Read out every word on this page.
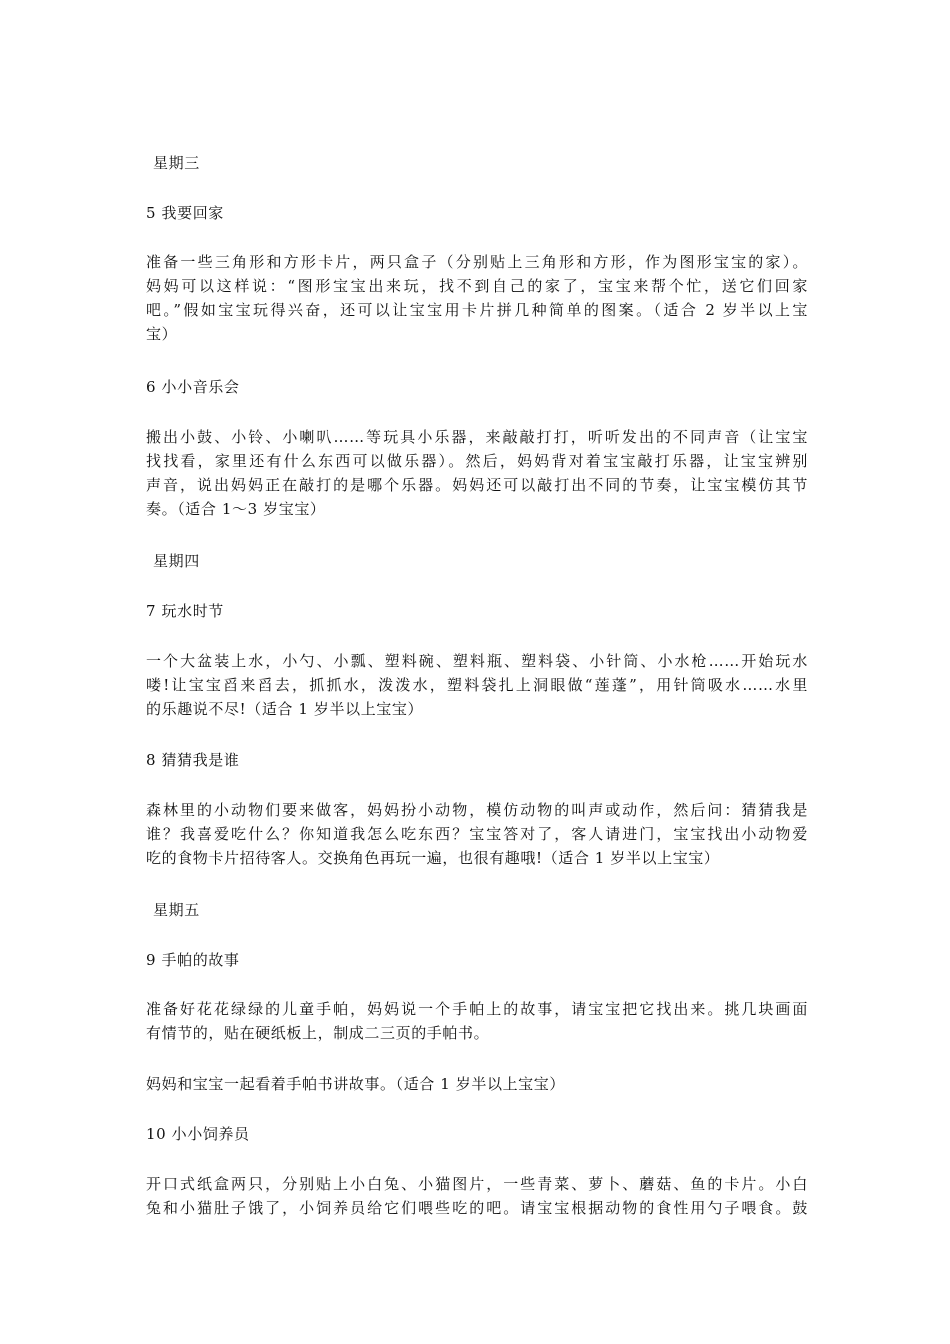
星期三
5 我要回家
准备一些三角形和方形卡片，两只盒子（分别贴上三角形和方形，作为图形宝宝的家）。
妈妈可以这样说：“图形宝宝出来玩，找不到自己的家了，宝宝来帮个忙，送它们回家
吧。”假如宝宝玩得兴奋，还可以让宝宝用卡片拼几种简单的图案。（适合 2 岁半以上宝
宝）
6 小小音乐会
搬出小鼓、小铃、小喇叭……等玩具小乐器，来敲敲打打，听听发出的不同声音（让宝宝
找找看，家里还有什么东西可以做乐器）。然后，妈妈背对着宝宝敲打乐器，让宝宝辨别
声音，说出妈妈正在敲打的是哪个乐器。妈妈还可以敲打出不同的节奏，让宝宝模仿其节
奏。（适合 1～3 岁宝宝）
星期四
7 玩水时节
一个大盆装上水，小勺、小瓢、塑料碗、塑料瓶、塑料袋、小针筒、小水枪……开始玩水
喽!让宝宝舀来舀去，抓抓水，泼泼水，塑料袋扎上洞眼做“莲蓬”，用针筒吸水……水里
的乐趣说不尽!（适合 1 岁半以上宝宝）
8 猜猜我是谁
森林里的小动物们要来做客，妈妈扮小动物，模仿动物的叫声或动作，然后问：猜猜我是
谁？我喜爱吃什么？你知道我怎么吃东西？宝宝答对了，客人请进门，宝宝找出小动物爱
吃的食物卡片招待客人。交换角色再玩一遍，也很有趣哦!（适合 1 岁半以上宝宝）
星期五
9 手帕的故事
准备好花花绿绿的儿童手帕，妈妈说一个手帕上的故事，请宝宝把它找出来。挑几块画面
有情节的，贴在硬纸板上，制成二三页的手帕书。
妈妈和宝宝一起看着手帕书讲故事。（适合 1 岁半以上宝宝）
10 小小饲养员
开口式纸盒两只，分别贴上小白兔、小猫图片，一些青菜、萝卜、蘑菇、鱼的卡片。小白
兔和小猫肚子饿了，小饲养员给它们喂些吃的吧。请宝宝根据动物的食性用勺子喂食。鼓
